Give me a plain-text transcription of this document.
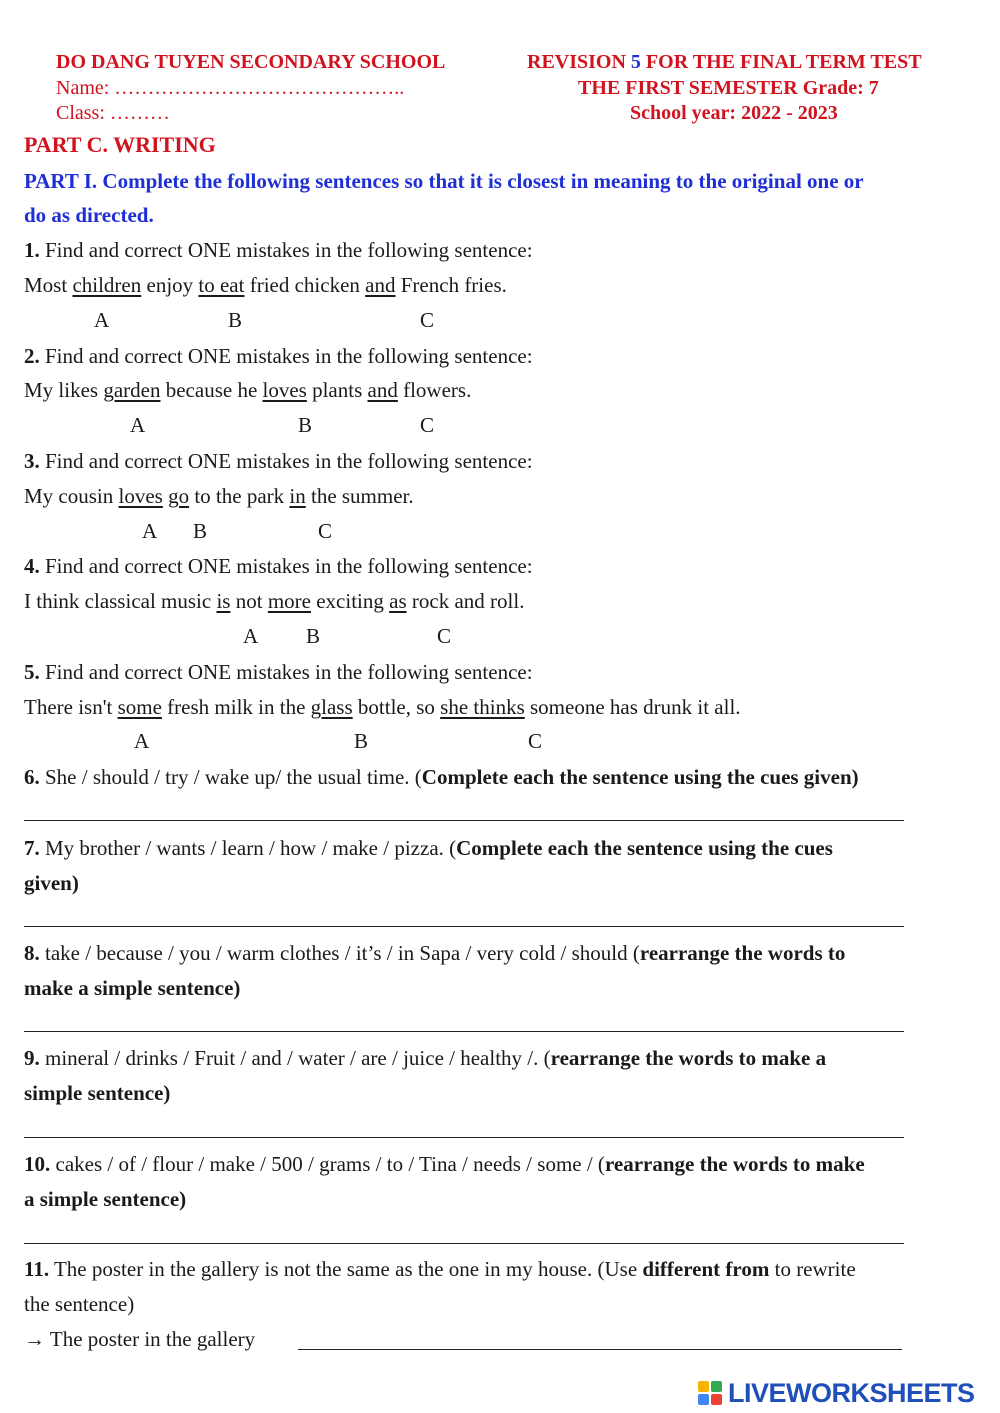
DO DANG TUYEN SECONDARY SCHOOL
Name: ……………………………………..
Class: ………
REVISION 5 FOR THE FINAL TERM TEST
THE FIRST SEMESTER Grade: 7
School year: 2022 - 2023
PART C. WRITING
PART I. Complete the following sentences so that it is closest in meaning to the original one or
do as directed.
1. Find and correct ONE mistakes in the following sentence:
Most children enjoy to eat fried chicken and French fries.
A	B	C
2. Find and correct ONE mistakes in the following sentence:
My likes garden because he loves plants and flowers.
A	B	C
3. Find and correct ONE mistakes in the following sentence:
My cousin loves go to the park in the summer.
A B	C
4. Find and correct ONE mistakes in the following sentence:
I think classical music is not more exciting as rock and roll.
A B	C
5. Find and correct ONE mistakes in the following sentence:
There isn't some fresh milk in the glass bottle, so she thinks someone has drunk it all.
A	B	C
6. She / should / try / wake up/ the usual time. (Complete each the sentence using the cues given)
7. My brother / wants / learn / how / make / pizza. (Complete each the sentence using the cues
given)
8. take / because / you / warm clothes / it’s / in Sapa / very cold / should (rearrange the words to
make a simple sentence)
9. mineral / drinks / Fruit / and / water / are / juice / healthy /. (rearrange the words to make a
simple sentence)
10. cakes / of / flour / make / 500 / grams / to / Tina / needs / some / (rearrange the words to make
a simple sentence)
11. The poster in the gallery is not the same as the one in my house. (Use different from to rewrite
the sentence)
→ The poster in the gallery
LIVEWORKSHEETS
